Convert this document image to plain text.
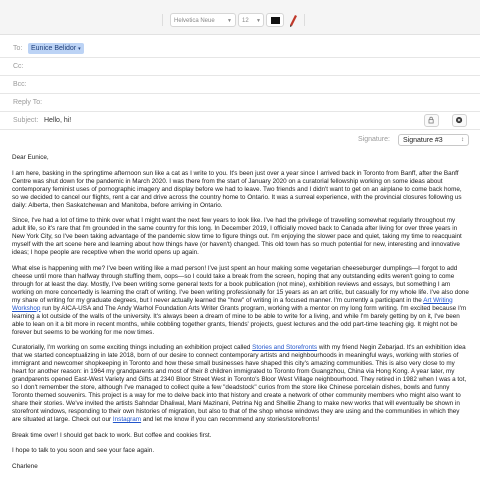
Helvetica Neue ▼	12 ▼
To:	Eunice Belidor ▾
Cc:
Bcc:
Reply To:
Subject: Hello, hi!
Signature:	Signature #3	↕

Dear Eunice,

I am here, basking in the springtime afternoon sun like a cat as I write to you. It's been just over a year since I arrived back in Toronto from Banff, after the Banff Centre was shut down for the pandemic in March 2020. I was there from the start of January 2020 on a curatorial fellowship working on some ideas about contemporary feminist uses of pornographic imagery and display before we had to leave. Two friends and I didn't want to get on an airplane to come back home, so we decided to cancel our flights, rent a car and drive across the country home to Ontario. It was a surreal experience, with the provincial closures following us daily: Alberta, then Saskatchewan and Manitoba, before arriving in Ontario.

Since, I've had a lot of time to think over what I might want the next few years to look like. I've had the privilege of travelling somewhat regularly throughout my adult life, so it's rare that I'm grounded in the same country for this long. In December 2019, I officially moved back to Canada after living for over three years in New York City, so I've been taking advantage of the pandemic slow time to figure things out. I'm enjoying the slower pace and quiet, taking my time to reacquaint myself with the art scene here and learning about how things have (or haven't) changed. This old town has so much potential for new, interesting and innovative ideas; I hope people are receptive when the world opens up again.

What else is happening with me? I've been writing like a mad person! I've just spent an hour making some vegetarian cheeseburger dumplings—I forgot to add cheese until more than halfway through stuffing them, oops—so I could take a break from the screen, hoping that any outstanding edits weren't going to come through for at least the day. Mostly, I've been writing some general texts for a book publication (not mine), exhibition reviews and essays, but something I am working on more concertedly is learning the craft of writing. I've been writing professionally for 15 years as an art critic, but casually for my whole life. I've also done my share of writing for my graduate degrees, but I never actually learned the "how" of writing in a focused manner. I'm currently a participant in the Art Writing Workshop run by AICA-USA and The Andy Warhol Foundation Arts Writer Grants program, working with a mentor on my long form writing. I'm excited because I'm learning a lot outside of the walls of the university. It's always been a dream of mine to be able to write for a living, and while I'm barely getting by on it, I've been able to lean on it a bit more in recent months, while cobbling together grants, friends' projects, guest lectures and the odd part-time teaching gig. It might not be forever but seems to be working for me now times.

Curatorially, I'm working on some exciting things including an exhibition project called Stories and Storefronts with my friend Negin Zebarjad. It's an exhibition idea that we started conceptualizing in late 2018, born of our desire to connect contemporary artists and neighbourhoods in meaningful ways, working with stories of immigrant and newcomer shopkeeping in Toronto and how these small businesses have shaped this city's amazing communities. This is also very close to my heart for another reason: in 1964 my grandparents and most of their 8 children immigrated to Toronto from Guangzhou, China via Hong Kong. A year later, my grandparents opened East-West Variety and Gifts at 2340 Bloor Street West in Toronto's Bloor West Village neighbourhood. They retired in 1982 when I was a tot, so I don't remember the store, although I've managed to collect quite a few "deadstock" curios from the store like Chinese porcelain dishes, bowls and funny Toronto themed souvenirs. This project is a way for me to delve back into that history and create a network of other community members who might also want to share their stories. We've invited the artists Sahndar Dhaliwal, Mani Mazinani, Petrina Ng and Shellie Zhang to make new works that will eventually be shown in storefront windows, responding to their own histories of migration, but also to that of the shop whose windows they are using and the communities in which they are situated at large. Check out our Instagram and let me know if you can recommend any stories/storefronts!

Break time over! I should get back to work. But coffee and cookies first.

I hope to talk to you soon and see your face again.

Charlene
